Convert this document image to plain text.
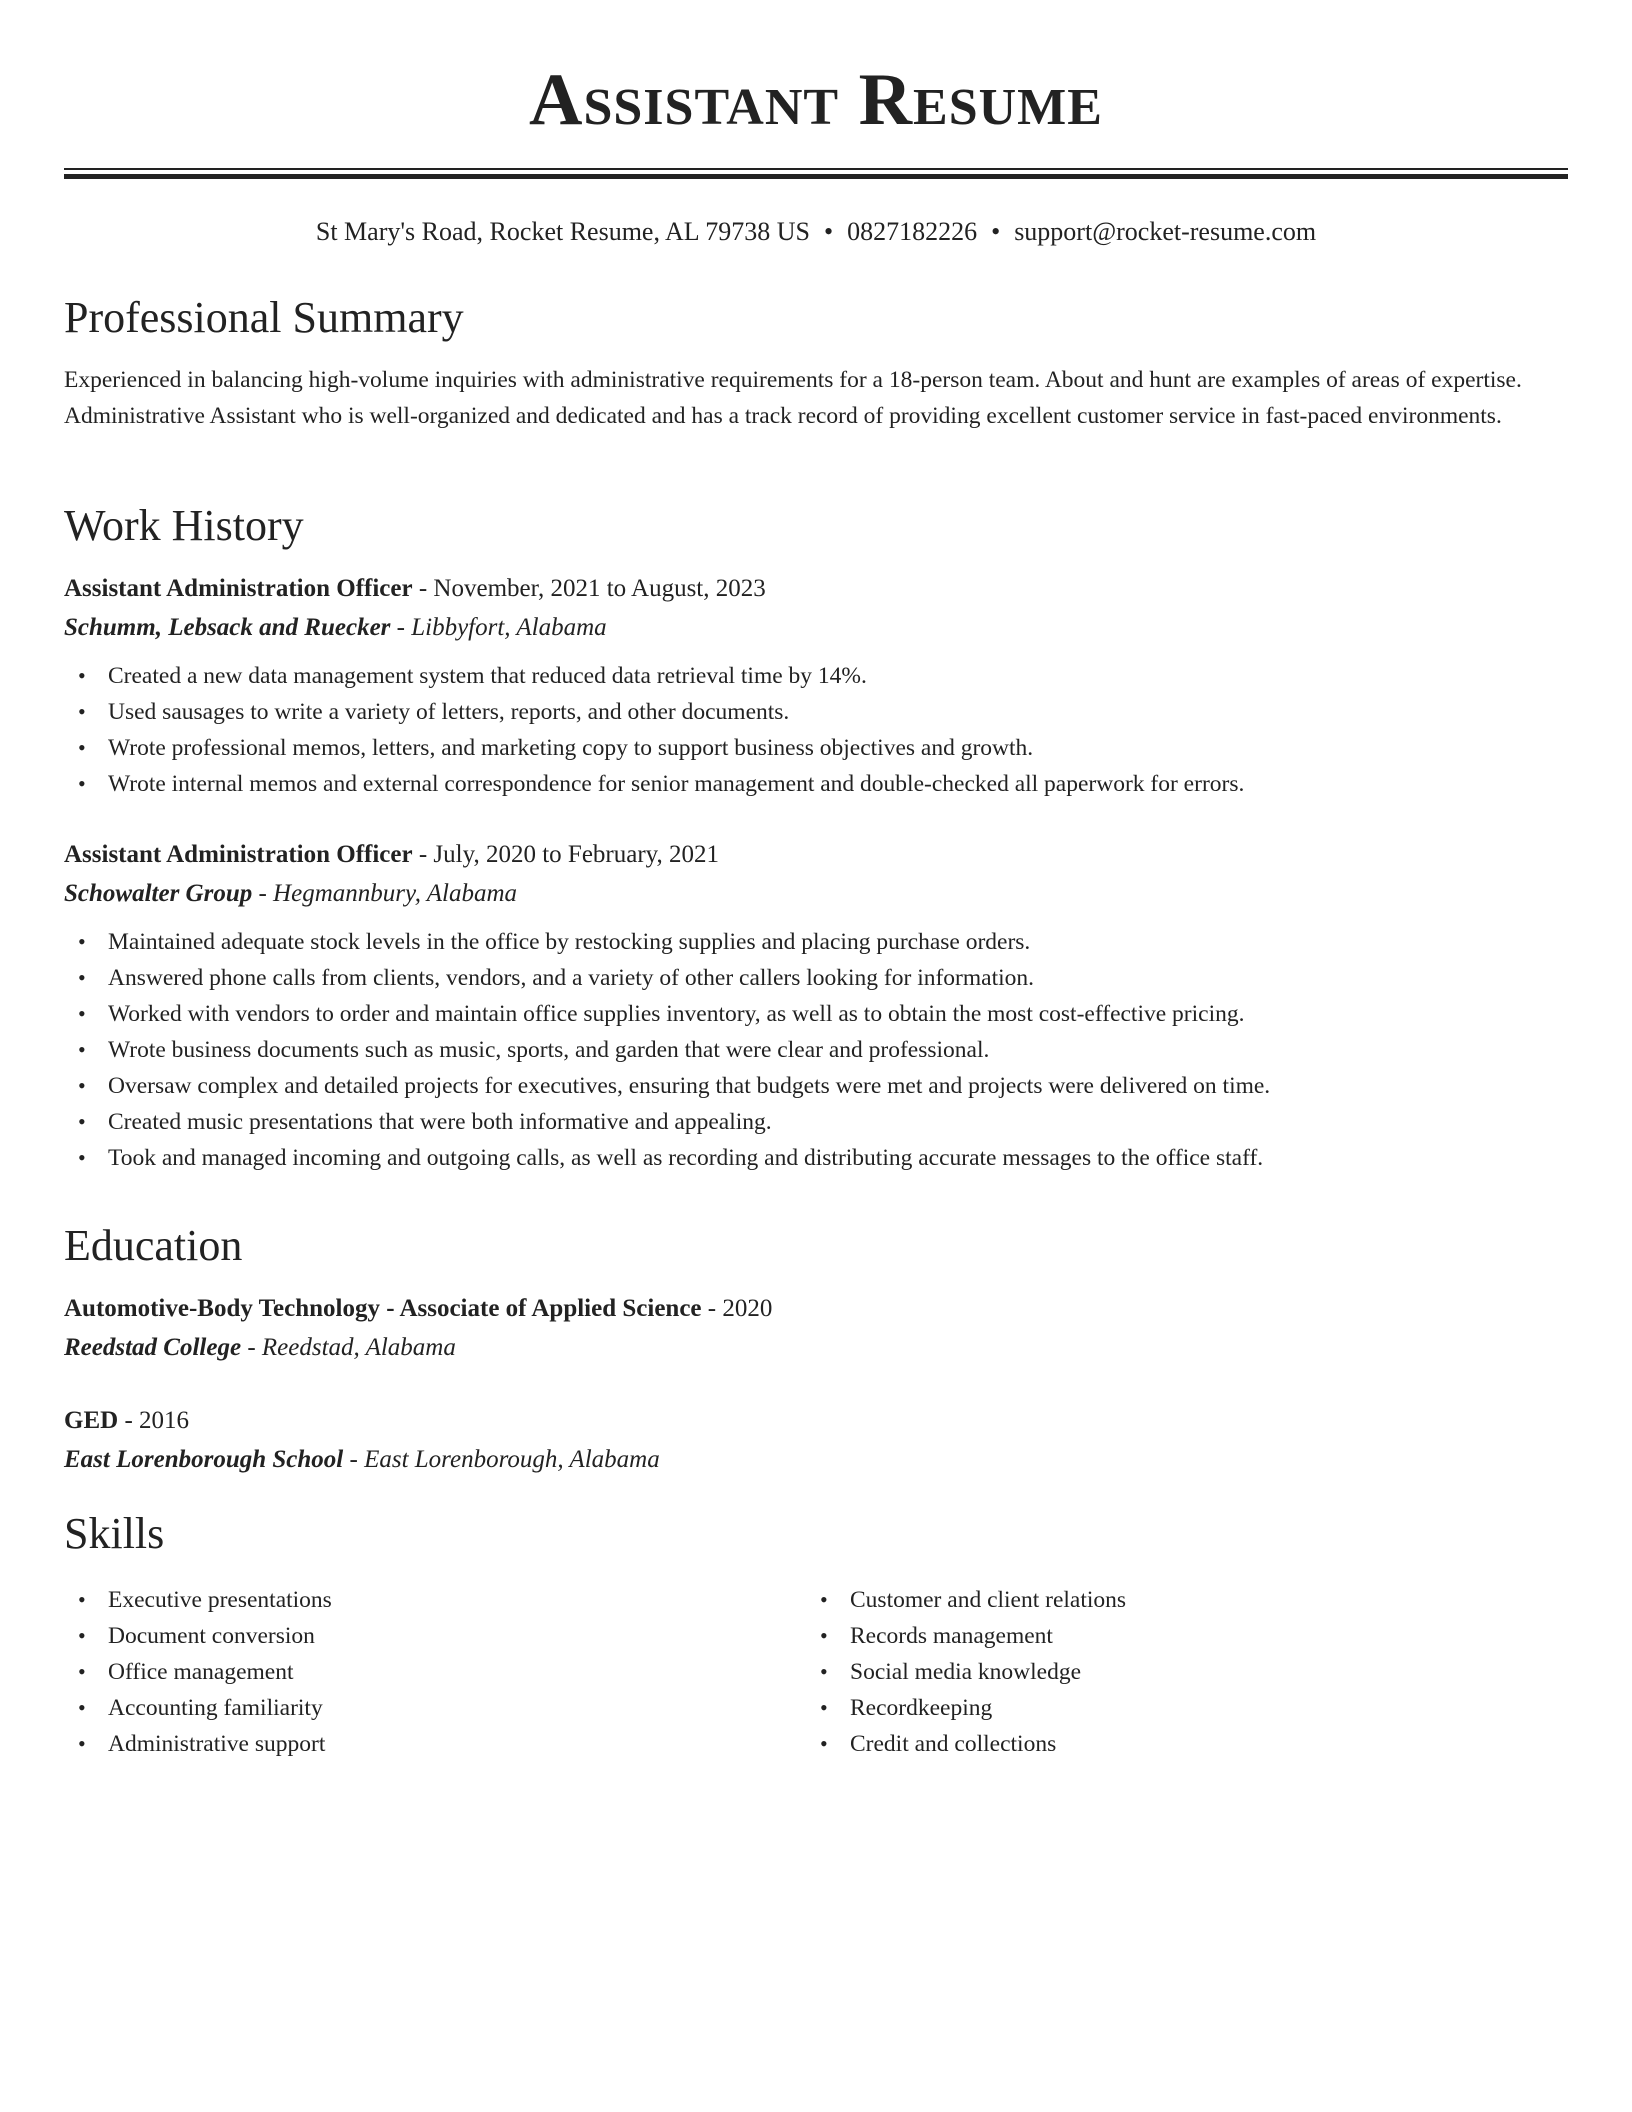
Assistant Resume
St Mary's Road, Rocket Resume, AL 79738 US • 0827182226 • support@rocket-resume.com
Professional Summary

Experienced in balancing high-volume inquiries with administrative requirements for a 18-person team. About and hunt are examples of areas of expertise. Administrative Assistant who is well-organized and dedicated and has a track record of providing excellent customer service in fast-paced environments.

Work History
Assistant Administration Officer - November, 2021 to August, 2023
Schumm, Lebsack and Ruecker - Libbyfort, Alabama
• Created a new data management system that reduced data retrieval time by 14%.
• Used sausages to write a variety of letters, reports, and other documents.
• Wrote professional memos, letters, and marketing copy to support business objectives and growth.
• Wrote internal memos and external correspondence for senior management and double-checked all paperwork for errors.
Assistant Administration Officer - July, 2020 to February, 2021
Schowalter Group - Hegmannbury, Alabama
• Maintained adequate stock levels in the office by restocking supplies and placing purchase orders.
• Answered phone calls from clients, vendors, and a variety of other callers looking for information.
• Worked with vendors to order and maintain office supplies inventory, as well as to obtain the most cost-effective pricing.
• Wrote business documents such as music, sports, and garden that were clear and professional.
• Oversaw complex and detailed projects for executives, ensuring that budgets were met and projects were delivered on time.
• Created music presentations that were both informative and appealing.
• Took and managed incoming and outgoing calls, as well as recording and distributing accurate messages to the office staff.
Education
Automotive-Body Technology - Associate of Applied Science - 2020
Reedstad College - Reedstad, Alabama
GED - 2016
East Lorenborough School - East Lorenborough, Alabama
Skills
• Executive presentations
• Document conversion
• Office management
• Accounting familiarity
• Administrative support
• Customer and client relations
• Records management
• Social media knowledge
• Recordkeeping
• Credit and collections
